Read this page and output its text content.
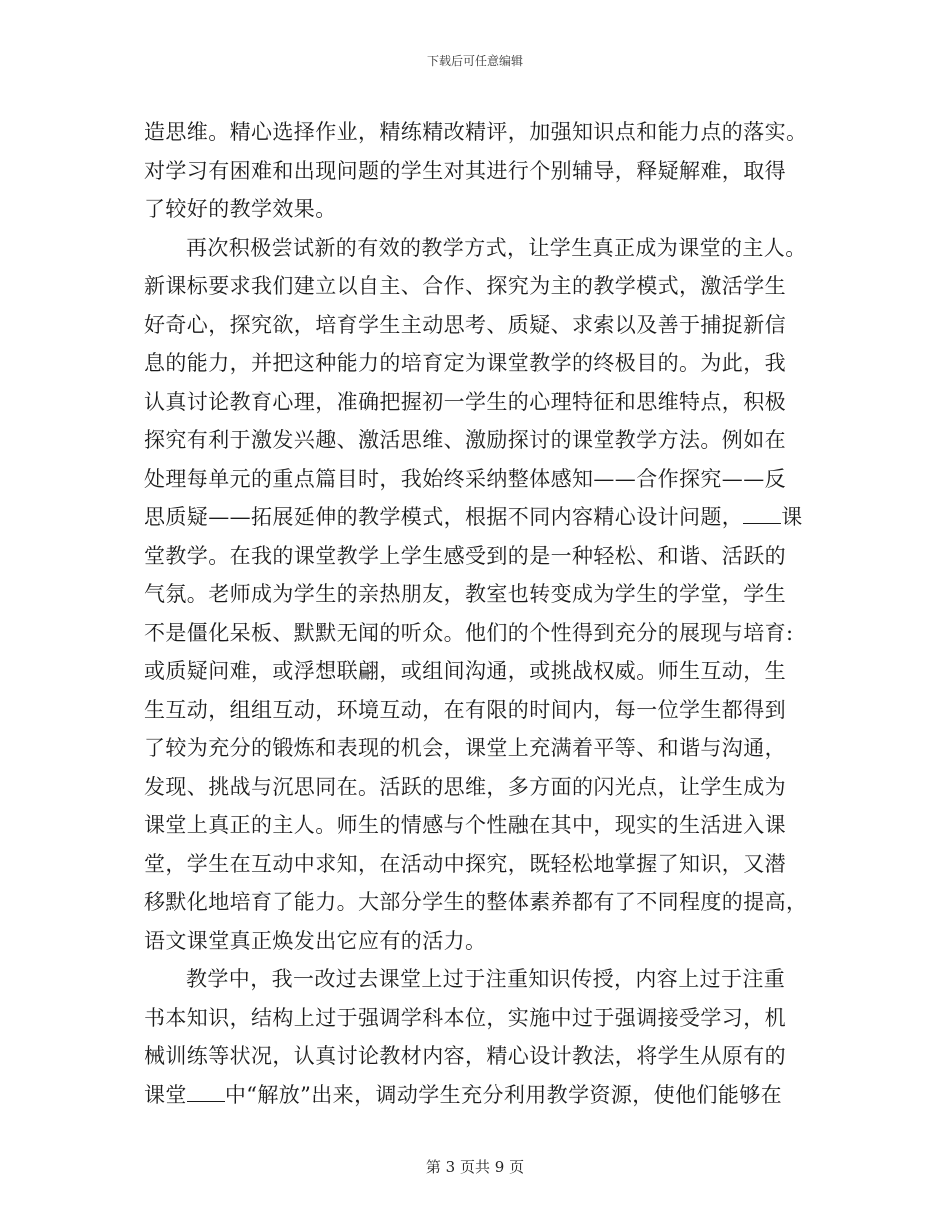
下载后可任意编辑
造思维。精心选择作业，精练精改精评，加强知识点和能力点的落实。
对学习有困难和出现问题的学生对其进行个别辅导，释疑解难，取得
了较好的教学效果。
再次积极尝试新的有效的教学方式，让学生真正成为课堂的主人。
新课标要求我们建立以自主、合作、探究为主的教学模式，激活学生
好奇心，探究欲，培育学生主动思考、质疑、求索以及善于捕捉新信
息的能力，并把这种能力的培育定为课堂教学的终极目的。为此，我
认真讨论教育心理，准确把握初一学生的心理特征和思维特点，积极
探究有利于激发兴趣、激活思维、激励探讨的课堂教学方法。例如在
处理每单元的重点篇目时，我始终采纳整体感知——合作探究——反
思质疑——拓展延伸的教学模式，根据不同内容精心设计问题， 课
堂教学。在我的课堂教学上学生感受到的是一种轻松、和谐、活跃的
气氛。老师成为学生的亲热朋友，教室也转变成为学生的学堂，学生
不是僵化呆板、默默无闻的听众。他们的个性得到充分的展现与培育:
或质疑问难，或浮想联翩，或组间沟通，或挑战权威。师生互动，生
生互动，组组互动，环境互动，在有限的时间内，每一位学生都得到
了较为充分的锻炼和表现的机会，课堂上充满着平等、和谐与沟通，
发现、挑战与沉思同在。活跃的思维，多方面的闪光点，让学生成为
课堂上真正的主人。师生的情感与个性融在其中，现实的生活进入课
堂，学生在互动中求知，在活动中探究，既轻松地掌握了知识，又潜
移默化地培育了能力。大部分学生的整体素养都有了不同程度的提高，
语文课堂真正焕发出它应有的活力。
教学中，我一改过去课堂上过于注重知识传授，内容上过于注重
书本知识，结构上过于强调学科本位，实施中过于强调接受学习，机
械训练等状况，认真讨论教材内容，精心设计教法，将学生从原有的
课堂 中“解放”出来，调动学生充分利用教学资源，使他们能够在
第 3 页共 9 页
